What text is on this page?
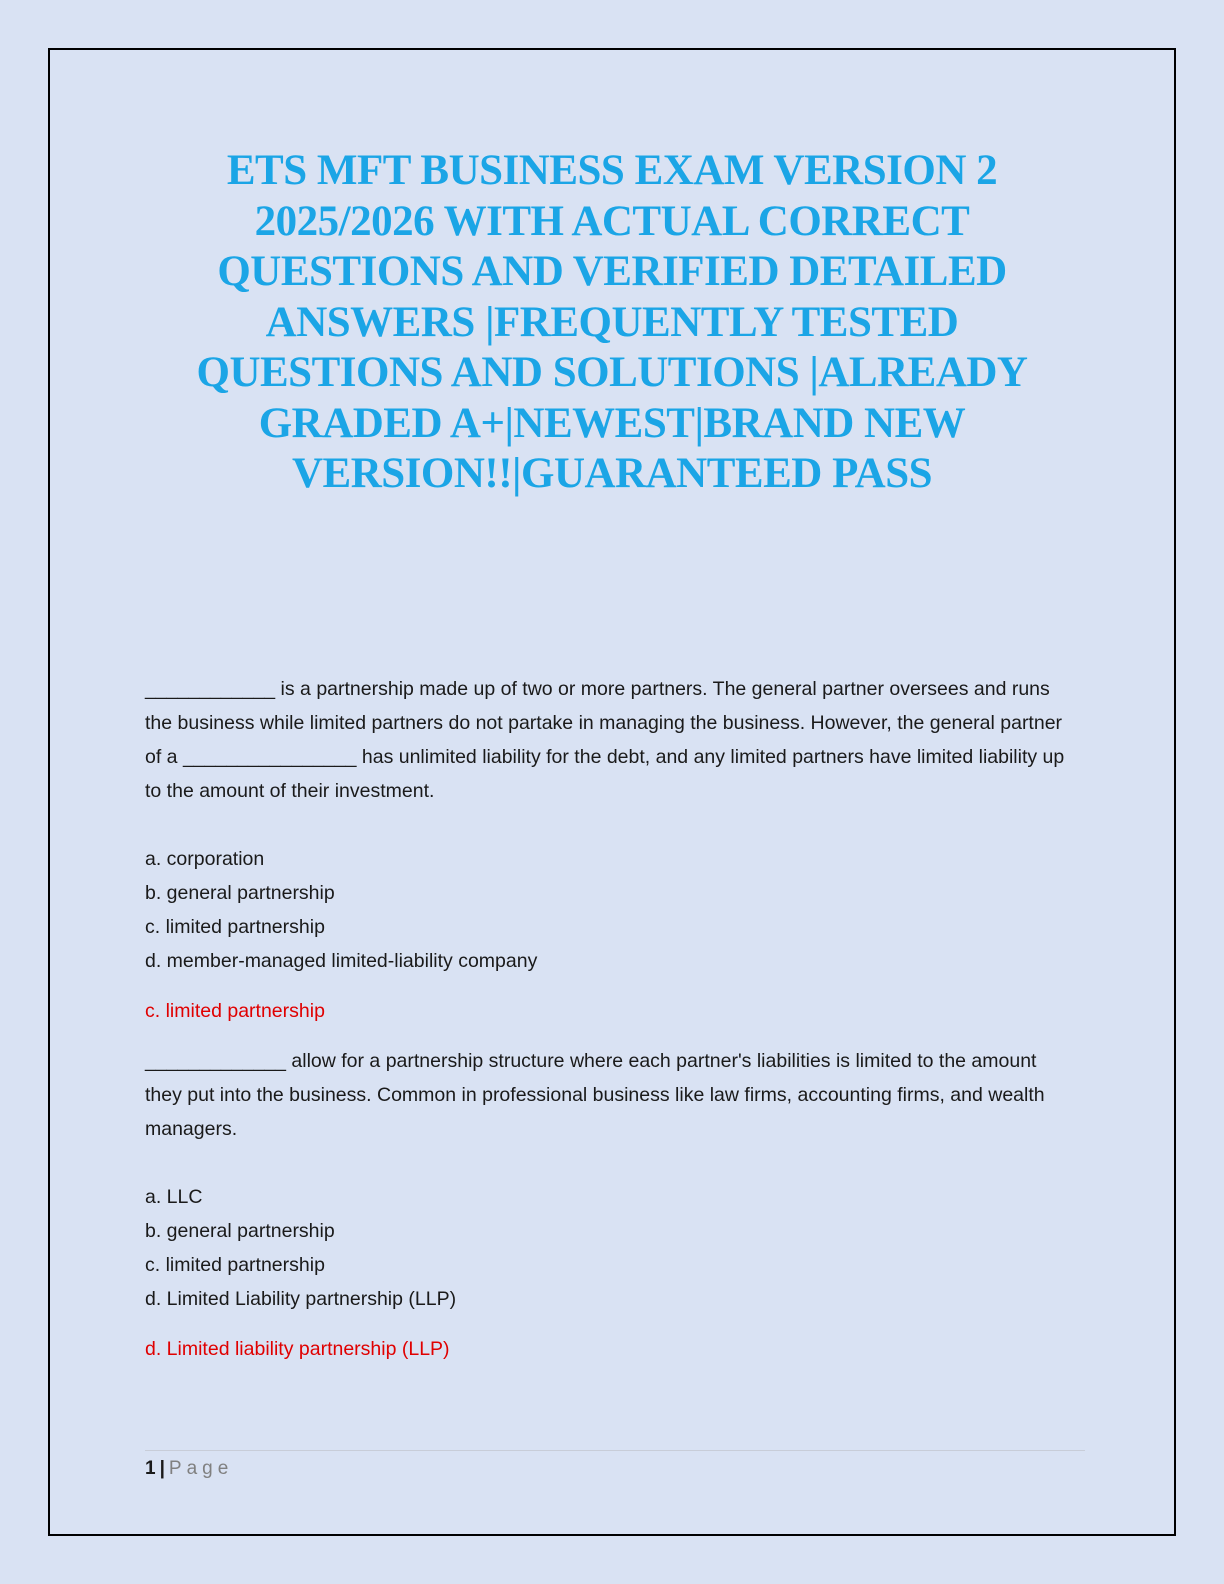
ETS MFT BUSINESS EXAM VERSION 2 2025/2026 WITH ACTUAL CORRECT QUESTIONS AND VERIFIED DETAILED ANSWERS |FREQUENTLY TESTED QUESTIONS AND SOLUTIONS |ALREADY GRADED A+|NEWEST|BRAND NEW VERSION!!|GUARANTEED PASS

____________ is a partnership made up of two or more partners. The general partner oversees and runs the business while limited partners do not partake in managing the business. However, the general partner of a ________________ has unlimited liability for the debt, and any limited partners have limited liability up to the amount of their investment.

a. corporation
b. general partnership
c. limited partnership
d. member-managed limited-liability company

c. limited partnership

_____________ allow for a partnership structure where each partner's liabilities is limited to the amount they put into the business. Common in professional business like law firms, accounting firms, and wealth managers.

a. LLC
b. general partnership
c. limited partnership
d. Limited Liability partnership (LLP)

d. Limited liability partnership (LLP)

1 | Page
